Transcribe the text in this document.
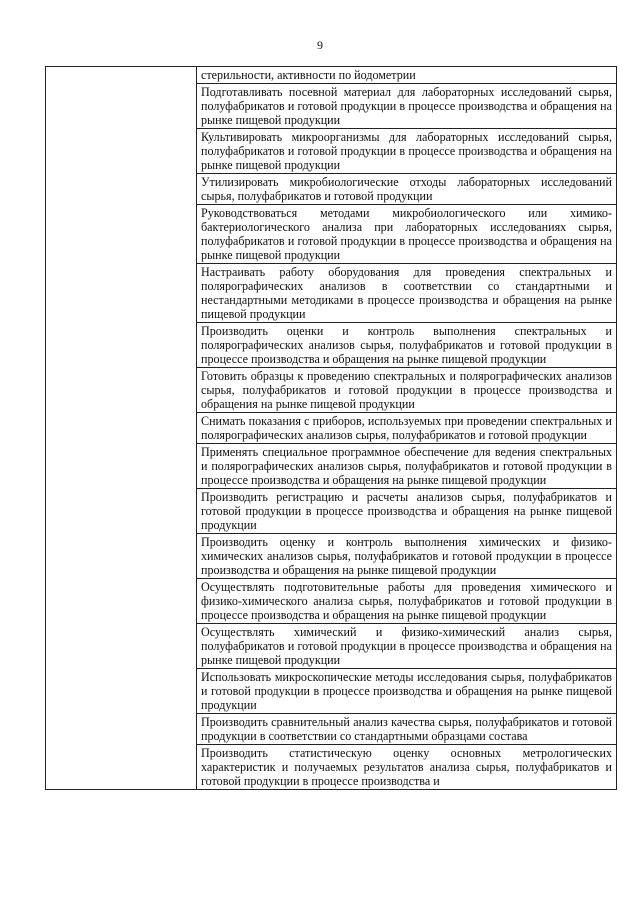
9

стерильности, активности по йодометрии
Подготавливать посевной материал для лабораторных исследований сырья, полуфабрикатов и готовой продукции в процессе производства и обращения на рынке пищевой продукции
Культивировать микроорганизмы для лабораторных исследований сырья, полуфабрикатов и готовой продукции в процессе производства и обращения на рынке пищевой продукции
Утилизировать микробиологические отходы лабораторных исследований сырья, полуфабрикатов и готовой продукции
Руководствоваться методами микробиологического или химико-бактериологического анализа при лабораторных исследованиях сырья, полуфабрикатов и готовой продукции в процессе производства и обращения на рынке пищевой продукции
Настраивать работу оборудования для проведения спектральных и полярографических анализов в соответствии со стандартными и нестандартными методиками в процессе производства и обращения на рынке пищевой продукции
Производить оценки и контроль выполнения спектральных и полярографических анализов сырья, полуфабрикатов и готовой продукции в процессе производства и обращения на рынке пищевой продукции
Готовить образцы к проведению спектральных и полярографических анализов сырья, полуфабрикатов и готовой продукции в процессе производства и обращения на рынке пищевой продукции
Снимать показания с приборов, используемых при проведении спектральных и полярографических анализов сырья, полуфабрикатов и готовой продукции
Применять специальное программное обеспечение для ведения спектральных и полярографических анализов сырья, полуфабрикатов и готовой продукции в процессе производства и обращения на рынке пищевой продукции
Производить регистрацию и расчеты анализов сырья, полуфабрикатов и готовой продукции в процессе производства и обращения на рынке пищевой продукции
Производить оценку и контроль выполнения химических и физико-химических анализов сырья, полуфабрикатов и готовой продукции в процессе производства и обращения на рынке пищевой продукции
Осуществлять подготовительные работы для проведения химического и физико-химического анализа сырья, полуфабрикатов и готовой продукции в процессе производства и обращения на рынке пищевой продукции
Осуществлять химический и физико-химический анализ сырья, полуфабрикатов и готовой продукции в процессе производства и обращения на рынке пищевой продукции
Использовать микроскопические методы исследования сырья, полуфабрикатов и готовой продукции в процессе производства и обращения на рынке пищевой продукции
Производить сравнительный анализ качества сырья, полуфабрикатов и готовой продукции в соответствии со стандартными образцами состава
Производить статистическую оценку основных метрологических характеристик и получаемых результатов анализа сырья, полуфабрикатов и готовой продукции в процессе производства и
